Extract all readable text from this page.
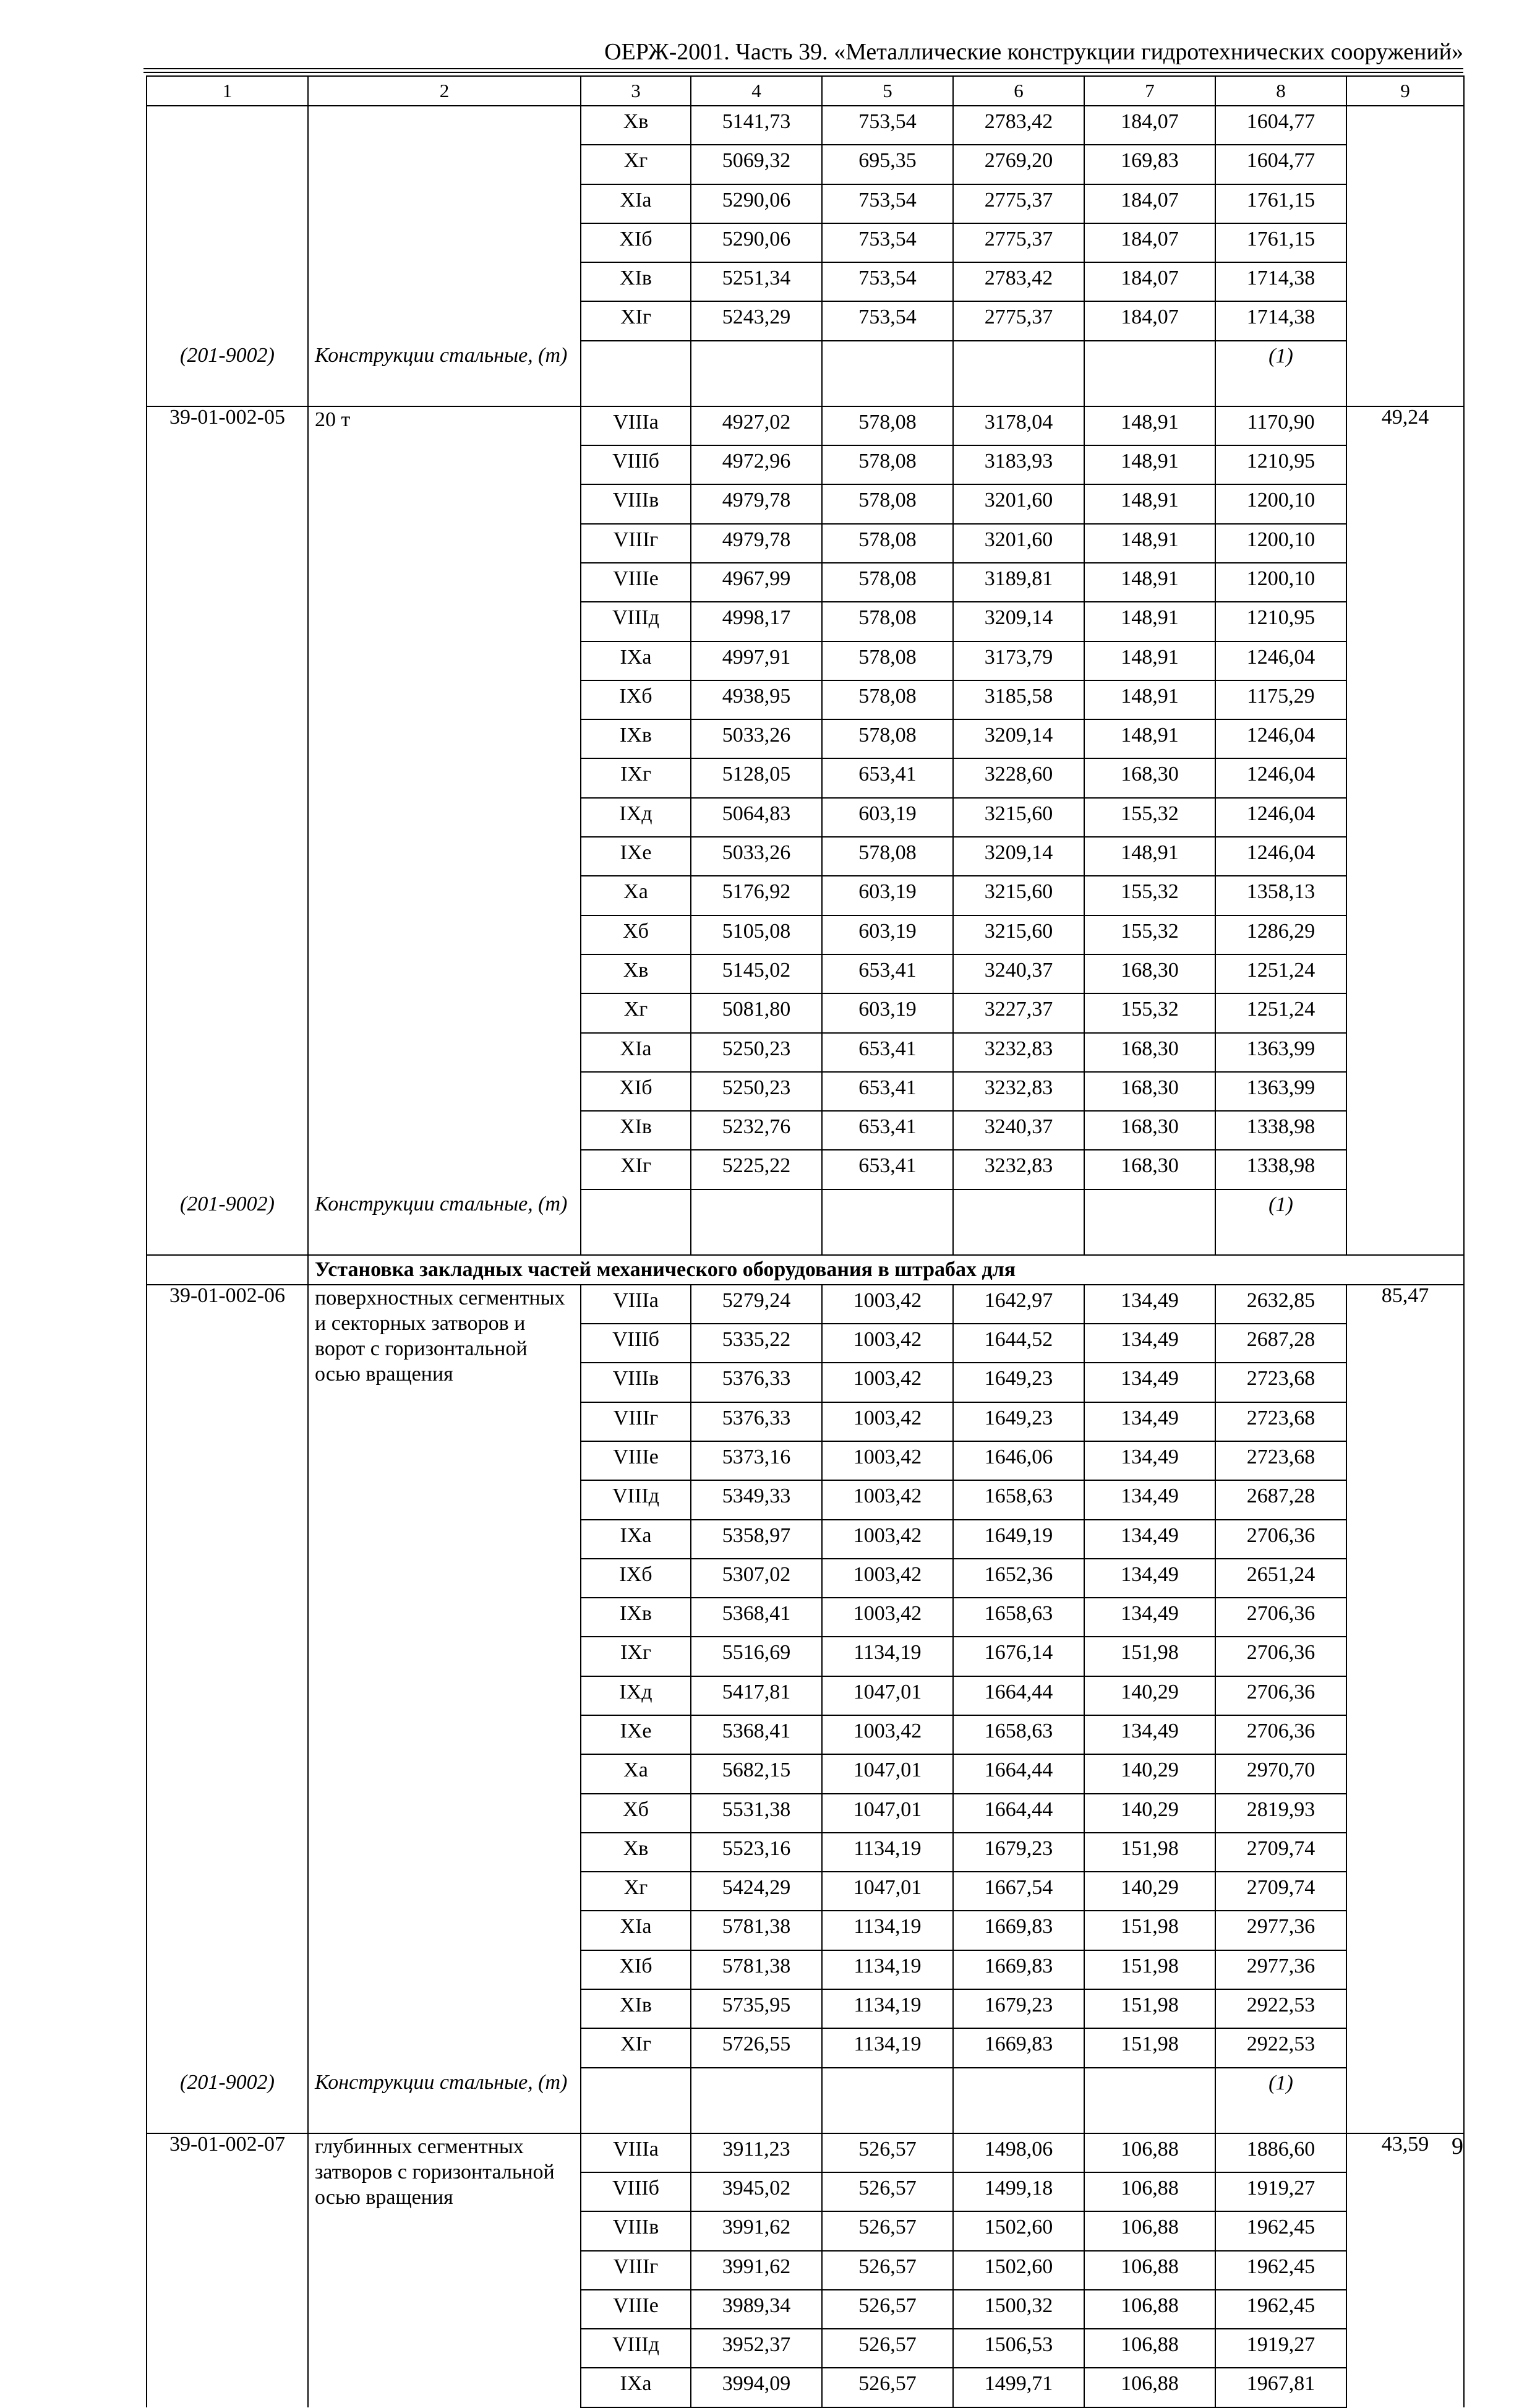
ОЕРЖ-2001. Часть 39. «Металлические конструкции гидротехнических сооружений»
1	2	3	4	5	6	7	8	9
		Хв	5141,73	753,54	2783,42	184,07	1604,77	
		Хг	5069,32	695,35	2769,20	169,83	1604,77	
		ХIа	5290,06	753,54	2775,37	184,07	1761,15	
		ХIб	5290,06	753,54	2775,37	184,07	1761,15	
		ХIв	5251,34	753,54	2783,42	184,07	1714,38	
		ХIг	5243,29	753,54	2775,37	184,07	1714,38	
(201-9002)	Конструкции стальные, (т)						(1)	
39-01-002-05	20 т	VIIIа	4927,02	578,08	3178,04	148,91	1170,90	49,24
		VIIIб	4972,96	578,08	3183,93	148,91	1210,95	
		VIIIв	4979,78	578,08	3201,60	148,91	1200,10	
		VIIIг	4979,78	578,08	3201,60	148,91	1200,10	
		VIIIе	4967,99	578,08	3189,81	148,91	1200,10	
		VIIIд	4998,17	578,08	3209,14	148,91	1210,95	
		IХа	4997,91	578,08	3173,79	148,91	1246,04	
		IХб	4938,95	578,08	3185,58	148,91	1175,29	
		IХв	5033,26	578,08	3209,14	148,91	1246,04	
		IХг	5128,05	653,41	3228,60	168,30	1246,04	
		IХд	5064,83	603,19	3215,60	155,32	1246,04	
		IХе	5033,26	578,08	3209,14	148,91	1246,04	
		Ха	5176,92	603,19	3215,60	155,32	1358,13	
		Хб	5105,08	603,19	3215,60	155,32	1286,29	
		Хв	5145,02	653,41	3240,37	168,30	1251,24	
		Хг	5081,80	603,19	3227,37	155,32	1251,24	
		ХIа	5250,23	653,41	3232,83	168,30	1363,99	
		ХIб	5250,23	653,41	3232,83	168,30	1363,99	
		ХIв	5232,76	653,41	3240,37	168,30	1338,98	
		ХIг	5225,22	653,41	3232,83	168,30	1338,98	
(201-9002)	Конструкции стальные, (т)						(1)	
	Установка закладных частей механического оборудования в штрабах для							
39-01-002-06	поверхностных сегментных и секторных затворов и ворот с горизонтальной осью вращения	VIIIа	5279,24	1003,42	1642,97	134,49	2632,85	85,47
		VIIIб	5335,22	1003,42	1644,52	134,49	2687,28	
		VIIIв	5376,33	1003,42	1649,23	134,49	2723,68	
		VIIIг	5376,33	1003,42	1649,23	134,49	2723,68	
		VIIIе	5373,16	1003,42	1646,06	134,49	2723,68	
		VIIIд	5349,33	1003,42	1658,63	134,49	2687,28	
		IХа	5358,97	1003,42	1649,19	134,49	2706,36	
		IХб	5307,02	1003,42	1652,36	134,49	2651,24	
		IХв	5368,41	1003,42	1658,63	134,49	2706,36	
		IХг	5516,69	1134,19	1676,14	151,98	2706,36	
		IХд	5417,81	1047,01	1664,44	140,29	2706,36	
		IХе	5368,41	1003,42	1658,63	134,49	2706,36	
		Ха	5682,15	1047,01	1664,44	140,29	2970,70	
		Хб	5531,38	1047,01	1664,44	140,29	2819,93	
		Хв	5523,16	1134,19	1679,23	151,98	2709,74	
		Хг	5424,29	1047,01	1667,54	140,29	2709,74	
		ХIа	5781,38	1134,19	1669,83	151,98	2977,36	
		ХIб	5781,38	1134,19	1669,83	151,98	2977,36	
		ХIв	5735,95	1134,19	1679,23	151,98	2922,53	
		ХIг	5726,55	1134,19	1669,83	151,98	2922,53	
(201-9002)	Конструкции стальные, (т)						(1)	
39-01-002-07	глубинных сегментных затворов с горизонтальной осью вращения	VIIIа	3911,23	526,57	1498,06	106,88	1886,60	43,59
		VIIIб	3945,02	526,57	1499,18	106,88	1919,27	
		VIIIв	3991,62	526,57	1502,60	106,88	1962,45	
		VIIIг	3991,62	526,57	1502,60	106,88	1962,45	
		VIIIе	3989,34	526,57	1500,32	106,88	1962,45	
		VIIIд	3952,37	526,57	1506,53	106,88	1919,27	
		IХа	3994,09	526,57	1499,71	106,88	1967,81	
9
